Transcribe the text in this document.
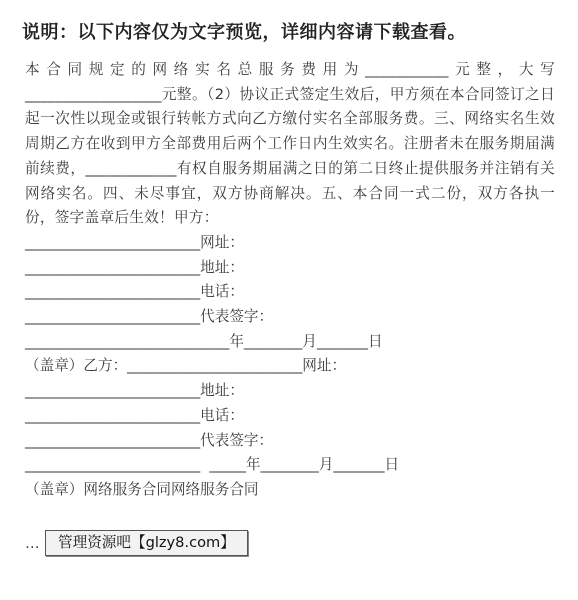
说明：以下内容仅为文字预览，详细内容请下载查看。

本合同规定的网络实名总服务费用为___________元整，大写__________________元整。（2）协议正式签定生效后，甲方须在本合同签订之日起一次性以现金或银行转帐方式向乙方缴付实名全部服务费。三、网络实名生效周期乙方在收到甲方全部费用后两个工作日内生效实名。注册者未在服务期届满前续费，____________有权自服务期届满之日的第二日终止提供服务并注销有关网络实名。四、未尽事宜，双方协商解决。五、本合同一式二份，双方各执一份，签字盖章后生效！甲方：

________________________网址：
________________________地址：
________________________电话：
________________________代表签字：
____________________________年________月_______日
（盖章）乙方：________________________网址：
________________________地址：
________________________电话：
________________________代表签字：
________________________  _____年________月_______日
（盖章）网络服务合同网络服务合同
…	管理资源吧【glzy8.com】
